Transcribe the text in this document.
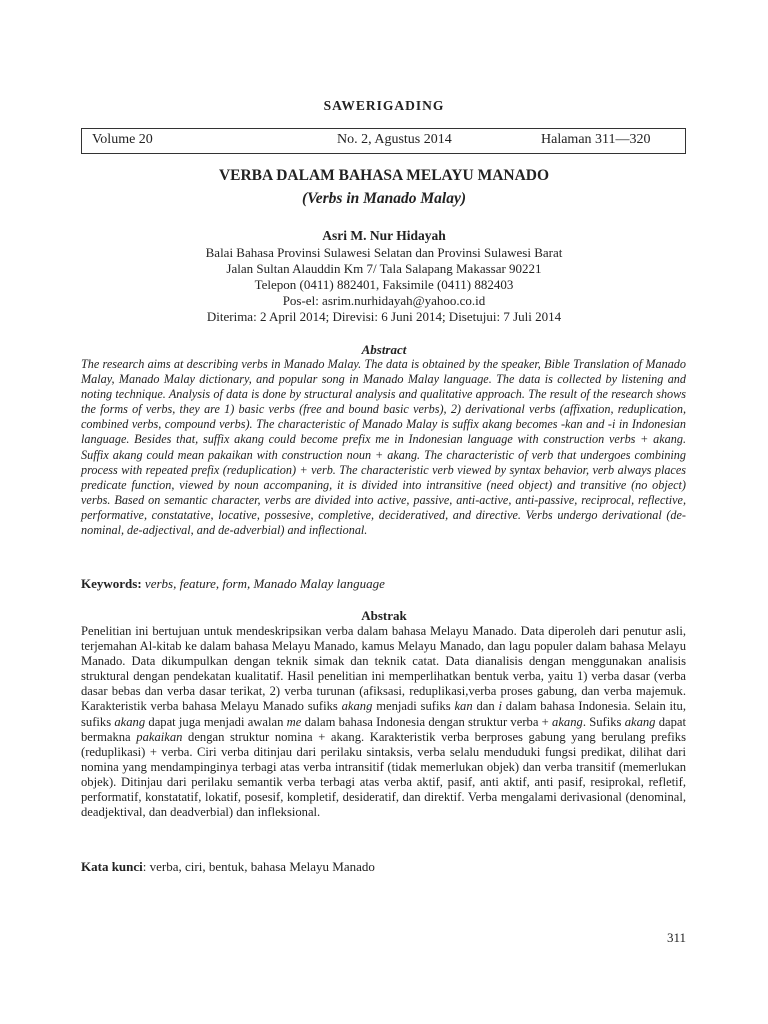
SAWERIGADING
Volume 20	No. 2, Agustus 2014	Halaman 311—320
VERBA DALAM BAHASA MELAYU MANADO
(Verbs in Manado Malay)
Asri M. Nur Hidayah
Balai Bahasa Provinsi Sulawesi Selatan dan Provinsi Sulawesi Barat
Jalan Sultan Alauddin Km 7/ Tala Salapang Makassar 90221
Telepon (0411) 882401, Faksimile (0411) 882403
Pos-el: asrim.nurhidayah@yahoo.co.id
Diterima: 2 April 2014; Direvisi: 6 Juni 2014; Disetujui: 7 Juli 2014
Abstract

The research aims at describing verbs in Manado Malay. The data is obtained by the speaker, Bible Translation of Manado Malay, Manado Malay dictionary, and popular song in Manado Malay language. The data is collected by listening and noting technique. Analysis of data is done by structural analysis and qualitative approach. The result of the research shows the forms of verbs, they are 1) basic verbs (free and bound basic verbs), 2) derivational verbs (affixation, reduplication, combined verbs, compound verbs). The characteristic of Manado Malay is suffix akang becomes -kan and -i in Indonesian language. Besides that, suffix akang could become prefix me in Indonesian language with construction verbs + akang. Suffix akang could mean pakaikan with construction noun + akang. The characteristic of verb that undergoes combining process with repeated prefix (reduplication) + verb. The characteristic verb viewed by syntax behavior, verb always places predicate function, viewed by noun accompaning, it is divided into intransitive (need object) and transitive (no object) verbs. Based on semantic character, verbs are divided into active, passive, anti-active, anti-passive, reciprocal, reflective, performative, constatative, locative, possesive, completive, decideratived, and directive. Verbs undergo derivational (de-nominal, de-adjectival, and de-adverbial) and inflectional.

Keywords: verbs, feature, form, Manado Malay language
Abstrak

Penelitian ini bertujuan untuk mendeskripsikan verba dalam bahasa Melayu Manado. Data diperoleh dari penutur asli, terjemahan Al-kitab ke dalam bahasa Melayu Manado, kamus Melayu Manado, dan lagu populer dalam bahasa Melayu Manado. Data dikumpulkan dengan teknik simak dan teknik catat. Data dianalisis dengan menggunakan analisis struktural dengan pendekatan kualitatif. Hasil penelitian ini memperlihatkan bentuk verba, yaitu 1) verba dasar (verba dasar bebas dan verba dasar terikat, 2) verba turunan (afiksasi, reduplikasi,verba proses gabung, dan verba majemuk. Karakteristik verba bahasa Melayu Manado sufiks akang menjadi sufiks kan dan i dalam bahasa Indonesia. Selain itu, sufiks akang dapat juga menjadi awalan me dalam bahasa Indonesia dengan struktur verba + akang. Sufiks akang dapat bermakna pakaikan dengan struktur nomina + akang. Karakteristik verba berproses gabung yang berulang prefiks (reduplikasi) + verba. Ciri verba ditinjau dari perilaku sintaksis, verba selalu menduduki fungsi predikat, dilihat dari nomina yang mendampinginya terbagi atas verba intransitif (tidak memerlukan objek) dan verba transitif (memerlukan objek). Ditinjau dari perilaku semantik verba terbagi atas verba aktif, pasif, anti aktif, anti pasif, resiprokal, refletif, performatif, konstatatif, lokatif, posesif, kompletif, desideratif, dan direktif. Verba mengalami derivasional (denominal, deadjektival, dan deadverbial) dan infleksional.

Kata kunci: verba, ciri, bentuk, bahasa Melayu Manado
311
